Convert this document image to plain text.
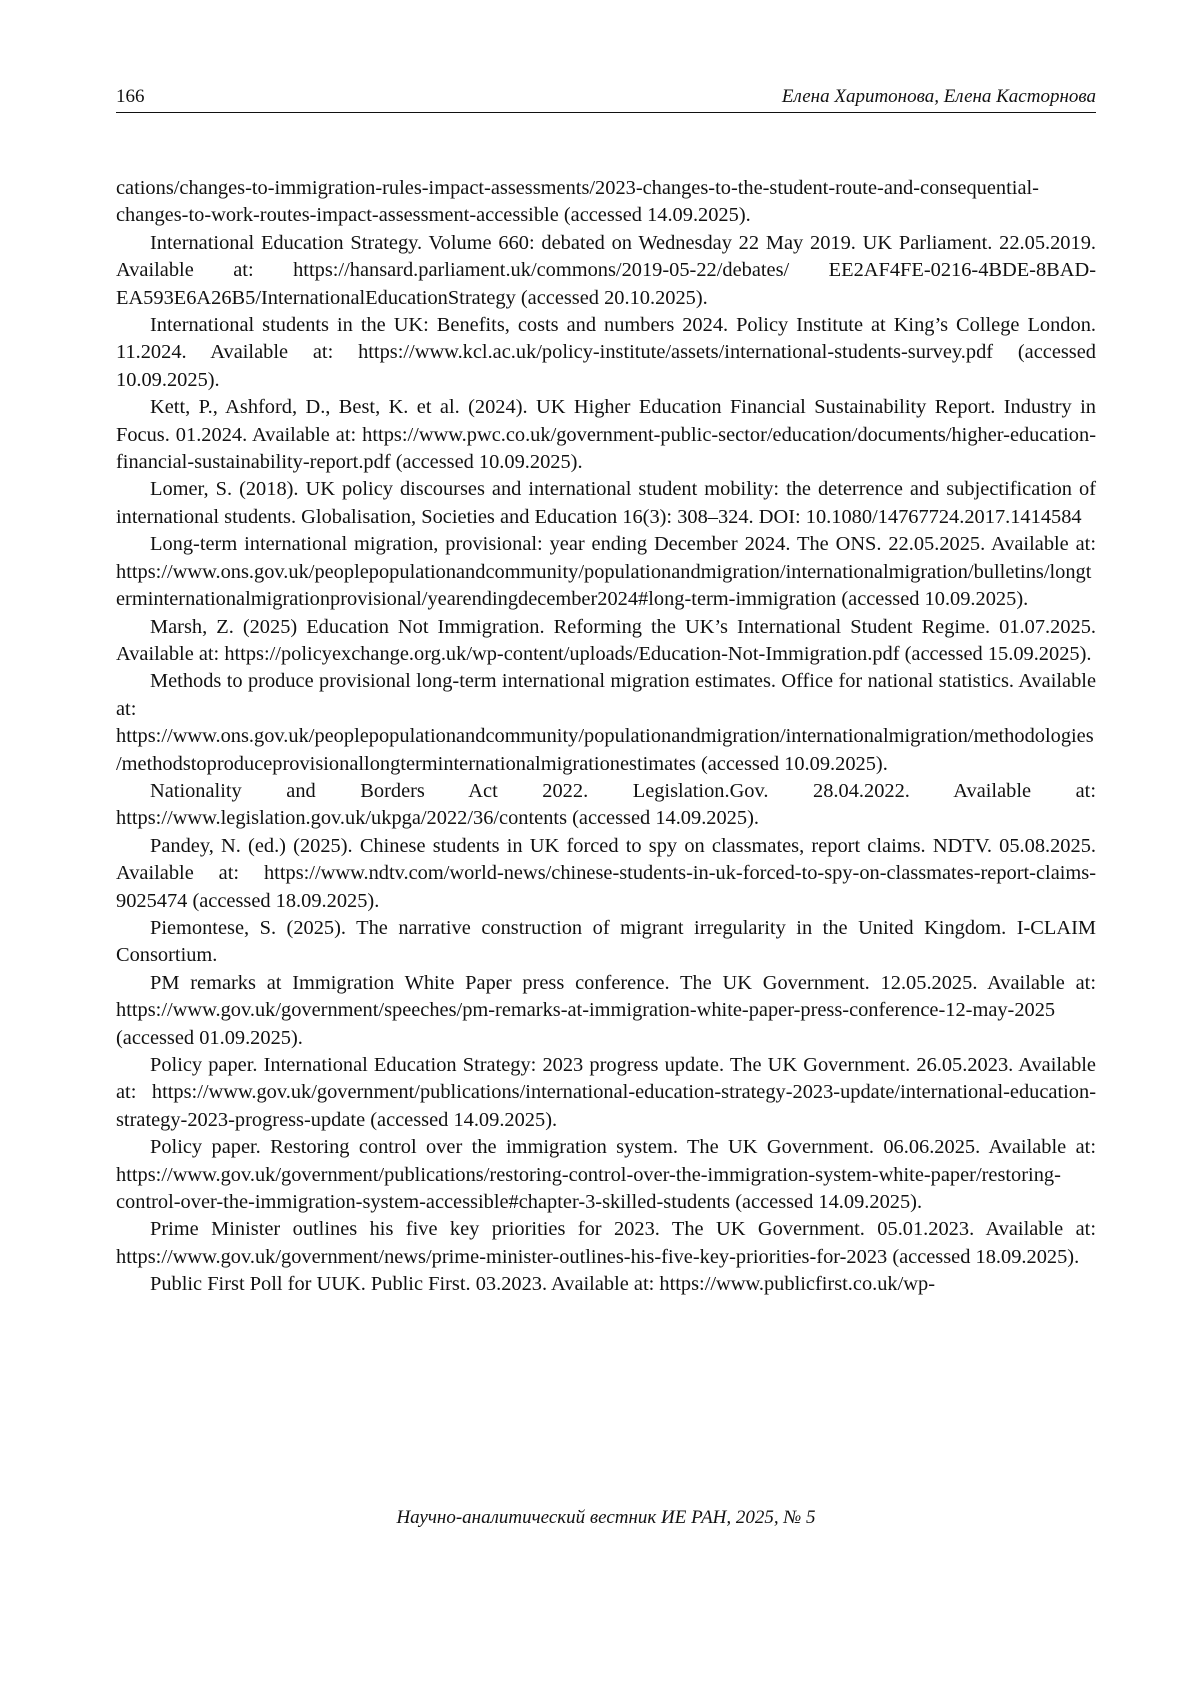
166	Елена Харитонова, Елена Касторнова

cations/changes-to-immigration-rules-impact-assessments/2023-changes-to-the-student-route-and-consequential-changes-to-work-routes-impact-assessment-accessible (accessed 14.09.2025).

International Education Strategy. Volume 660: debated on Wednesday 22 May 2019. UK Parliament. 22.05.2019. Available at: https://hansard.parliament.uk/commons/2019-05-22/debates/ EE2AF4FE-0216-4BDE-8BAD-EA593E6A26B5/InternationalEducationStrategy (accessed 20.10.2025).

International students in the UK: Benefits, costs and numbers 2024. Policy Institute at King’s College London. 11.2024. Available at: https://www.kcl.ac.uk/policy-institute/assets/international-students-survey.pdf (accessed 10.09.2025).

Kett, P., Ashford, D., Best, K. et al. (2024). UK Higher Education Financial Sustainability Report. Industry in Focus. 01.2024. Available at: https://www.pwc.co.uk/government-public-sector/education/documents/higher-education-financial-sustainability-report.pdf (accessed 10.09.2025).

Lomer, S. (2018). UK policy discourses and international student mobility: the deterrence and subjectification of international students. Globalisation, Societies and Education 16(3): 308–324. DOI: 10.1080/14767724.2017.1414584

Long-term international migration, provisional: year ending December 2024. The ONS. 22.05.2025. Available at: https://www.ons.gov.uk/peoplepopulationandcommunity/populationandmigration/internationalmigration/bulletins/longterminternationalmigrationprovisional/yearendingdecember2024#long-term-immigration (accessed 10.09.2025).

Marsh, Z. (2025) Education Not Immigration. Reforming the UK’s International Student Regime. 01.07.2025. Available at: https://policyexchange.org.uk/wp-content/uploads/Education-Not-Immigration.pdf (accessed 15.09.2025).

Methods to produce provisional long-term international migration estimates. Office for national statistics. Available at: https://www.ons.gov.uk/peoplepopulationandcommunity/populationandmigration/internationalmigration/methodologies/methodstoproduceprovisionallongterminternationalmigrationestimates (accessed 10.09.2025).

Nationality and Borders Act 2022. Legislation.Gov. 28.04.2022. Available at: https://www.legislation.gov.uk/ukpga/2022/36/contents (accessed 14.09.2025).

Pandey, N. (ed.) (2025). Chinese students in UK forced to spy on classmates, report claims. NDTV. 05.08.2025. Available at: https://www.ndtv.com/world-news/chinese-students-in-uk-forced-to-spy-on-classmates-report-claims-9025474 (accessed 18.09.2025).

Piemontese, S. (2025). The narrative construction of migrant irregularity in the United Kingdom. I-CLAIM Consortium.

PM remarks at Immigration White Paper press conference. The UK Government. 12.05.2025. Available at: https://www.gov.uk/government/speeches/pm-remarks-at-immigration-white-paper-press-conference-12-may-2025 (accessed 01.09.2025).

Policy paper. International Education Strategy: 2023 progress update. The UK Government. 26.05.2023. Available at: https://www.gov.uk/government/publications/international-education-strategy-2023-update/international-education-strategy-2023-progress-update (accessed 14.09.2025).

Policy paper. Restoring control over the immigration system. The UK Government. 06.06.2025. Available at: https://www.gov.uk/government/publications/restoring-control-over-the-immigration-system-white-paper/restoring-control-over-the-immigration-system-accessible#chapter-3-skilled-students (accessed 14.09.2025).

Prime Minister outlines his five key priorities for 2023. The UK Government. 05.01.2023. Available at: https://www.gov.uk/government/news/prime-minister-outlines-his-five-key-priorities-for-2023 (accessed 18.09.2025).

Public First Poll for UUK. Public First. 03.2023. Available at: https://www.publicfirst.co.uk/wp-

Научно-аналитический вестник ИЕ РАН, 2025, № 5
